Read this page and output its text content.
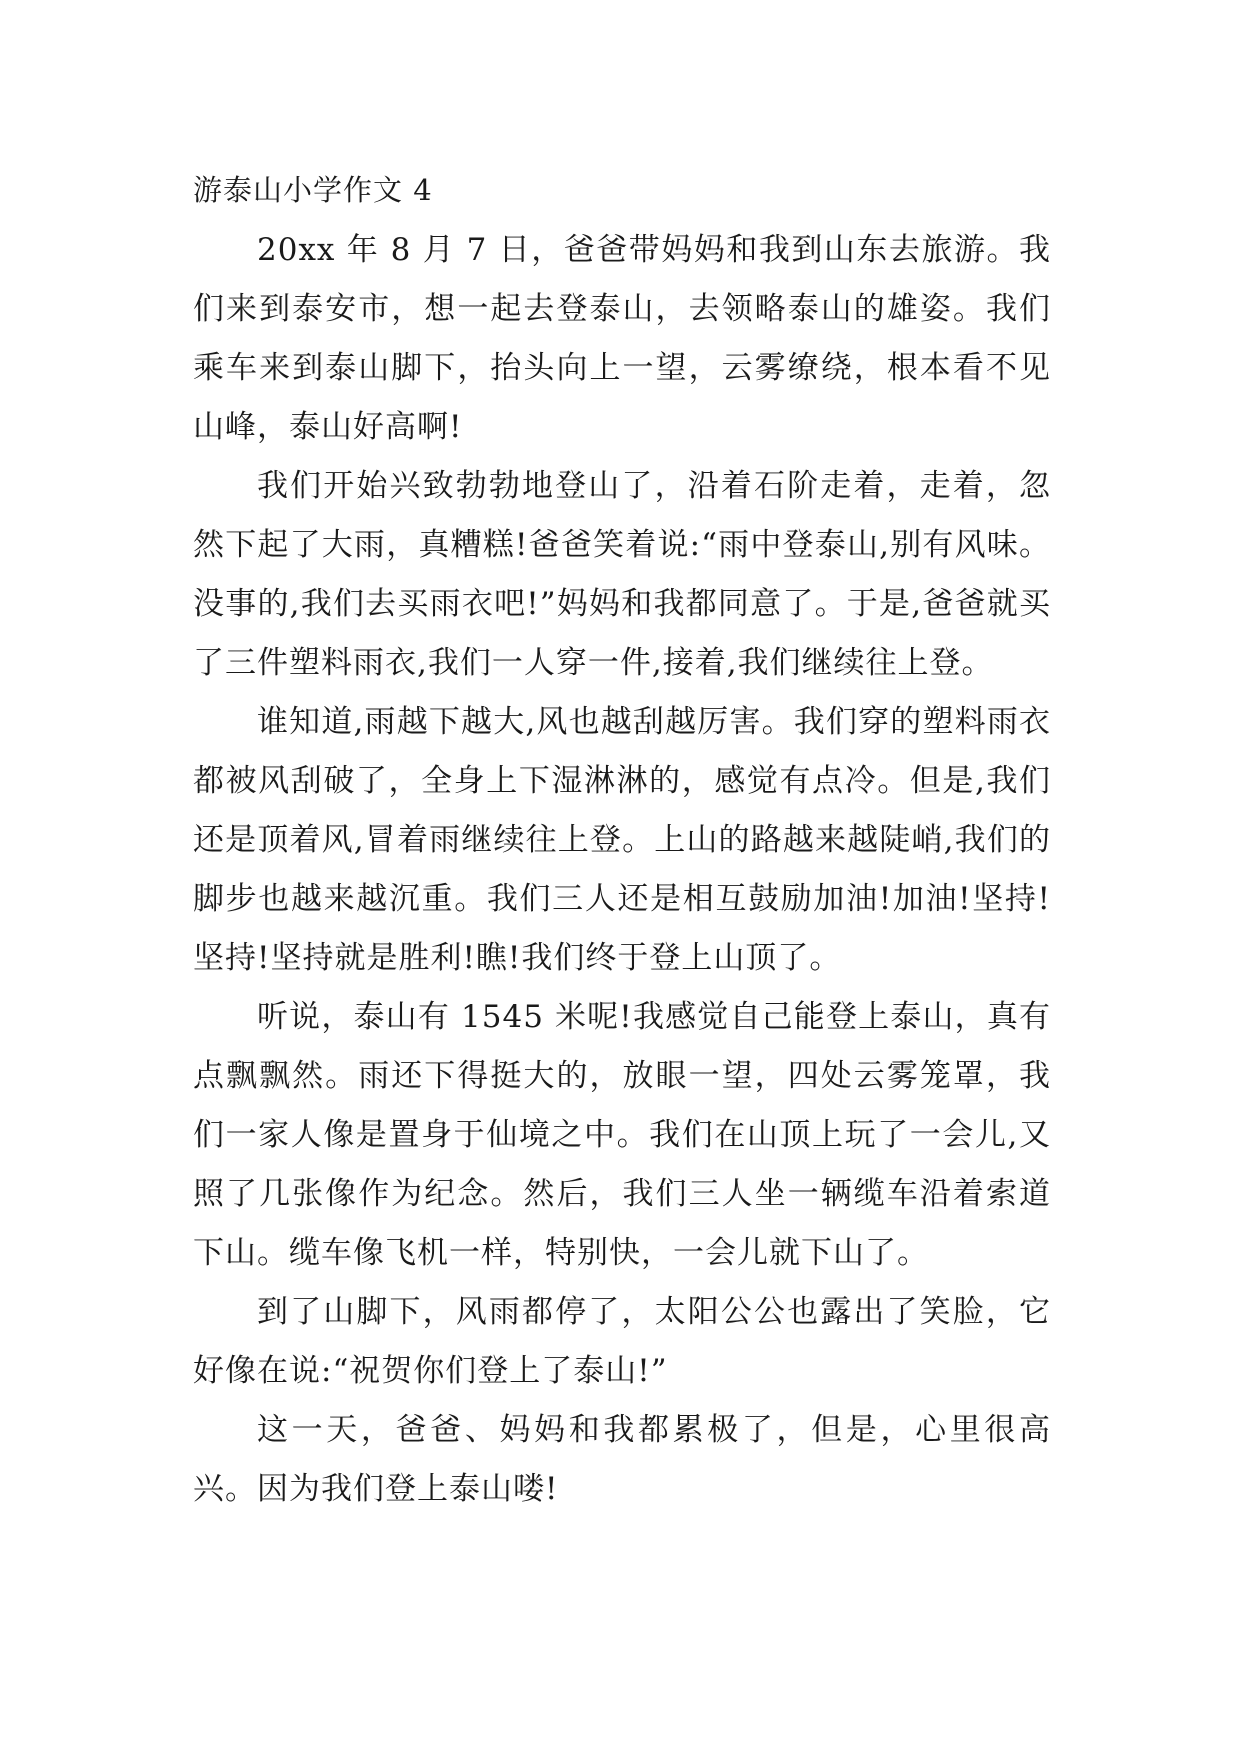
游泰山小学作文 4

20xx 年 8 月 7 日，爸爸带妈妈和我到山东去旅游。我们来到泰安市，想一起去登泰山，去领略泰山的雄姿。我们乘车来到泰山脚下，抬头向上一望，云雾缭绕，根本看不见山峰，泰山好高啊!

我们开始兴致勃勃地登山了，沿着石阶走着，走着，忽然下起了大雨，真糟糕!爸爸笑着说:“雨中登泰山,别有风味。没事的,我们去买雨衣吧!”妈妈和我都同意了。于是,爸爸就买了三件塑料雨衣,我们一人穿一件,接着,我们继续往上登。

谁知道,雨越下越大,风也越刮越厉害。我们穿的塑料雨衣都被风刮破了，全身上下湿淋淋的，感觉有点冷。但是,我们还是顶着风,冒着雨继续往上登。上山的路越来越陡峭,我们的脚步也越来越沉重。我们三人还是相互鼓励加油!加油!坚持!坚持!坚持就是胜利!瞧!我们终于登上山顶了。

听说，泰山有 1545 米呢!我感觉自己能登上泰山，真有点飘飘然。雨还下得挺大的，放眼一望，四处云雾笼罩，我们一家人像是置身于仙境之中。我们在山顶上玩了一会儿,又照了几张像作为纪念。然后，我们三人坐一辆缆车沿着索道下山。缆车像飞机一样，特别快，一会儿就下山了。

到了山脚下，风雨都停了，太阳公公也露出了笑脸，它好像在说:“祝贺你们登上了泰山!”

这一天，爸爸、妈妈和我都累极了，但是，心里很高兴。因为我们登上泰山喽!
